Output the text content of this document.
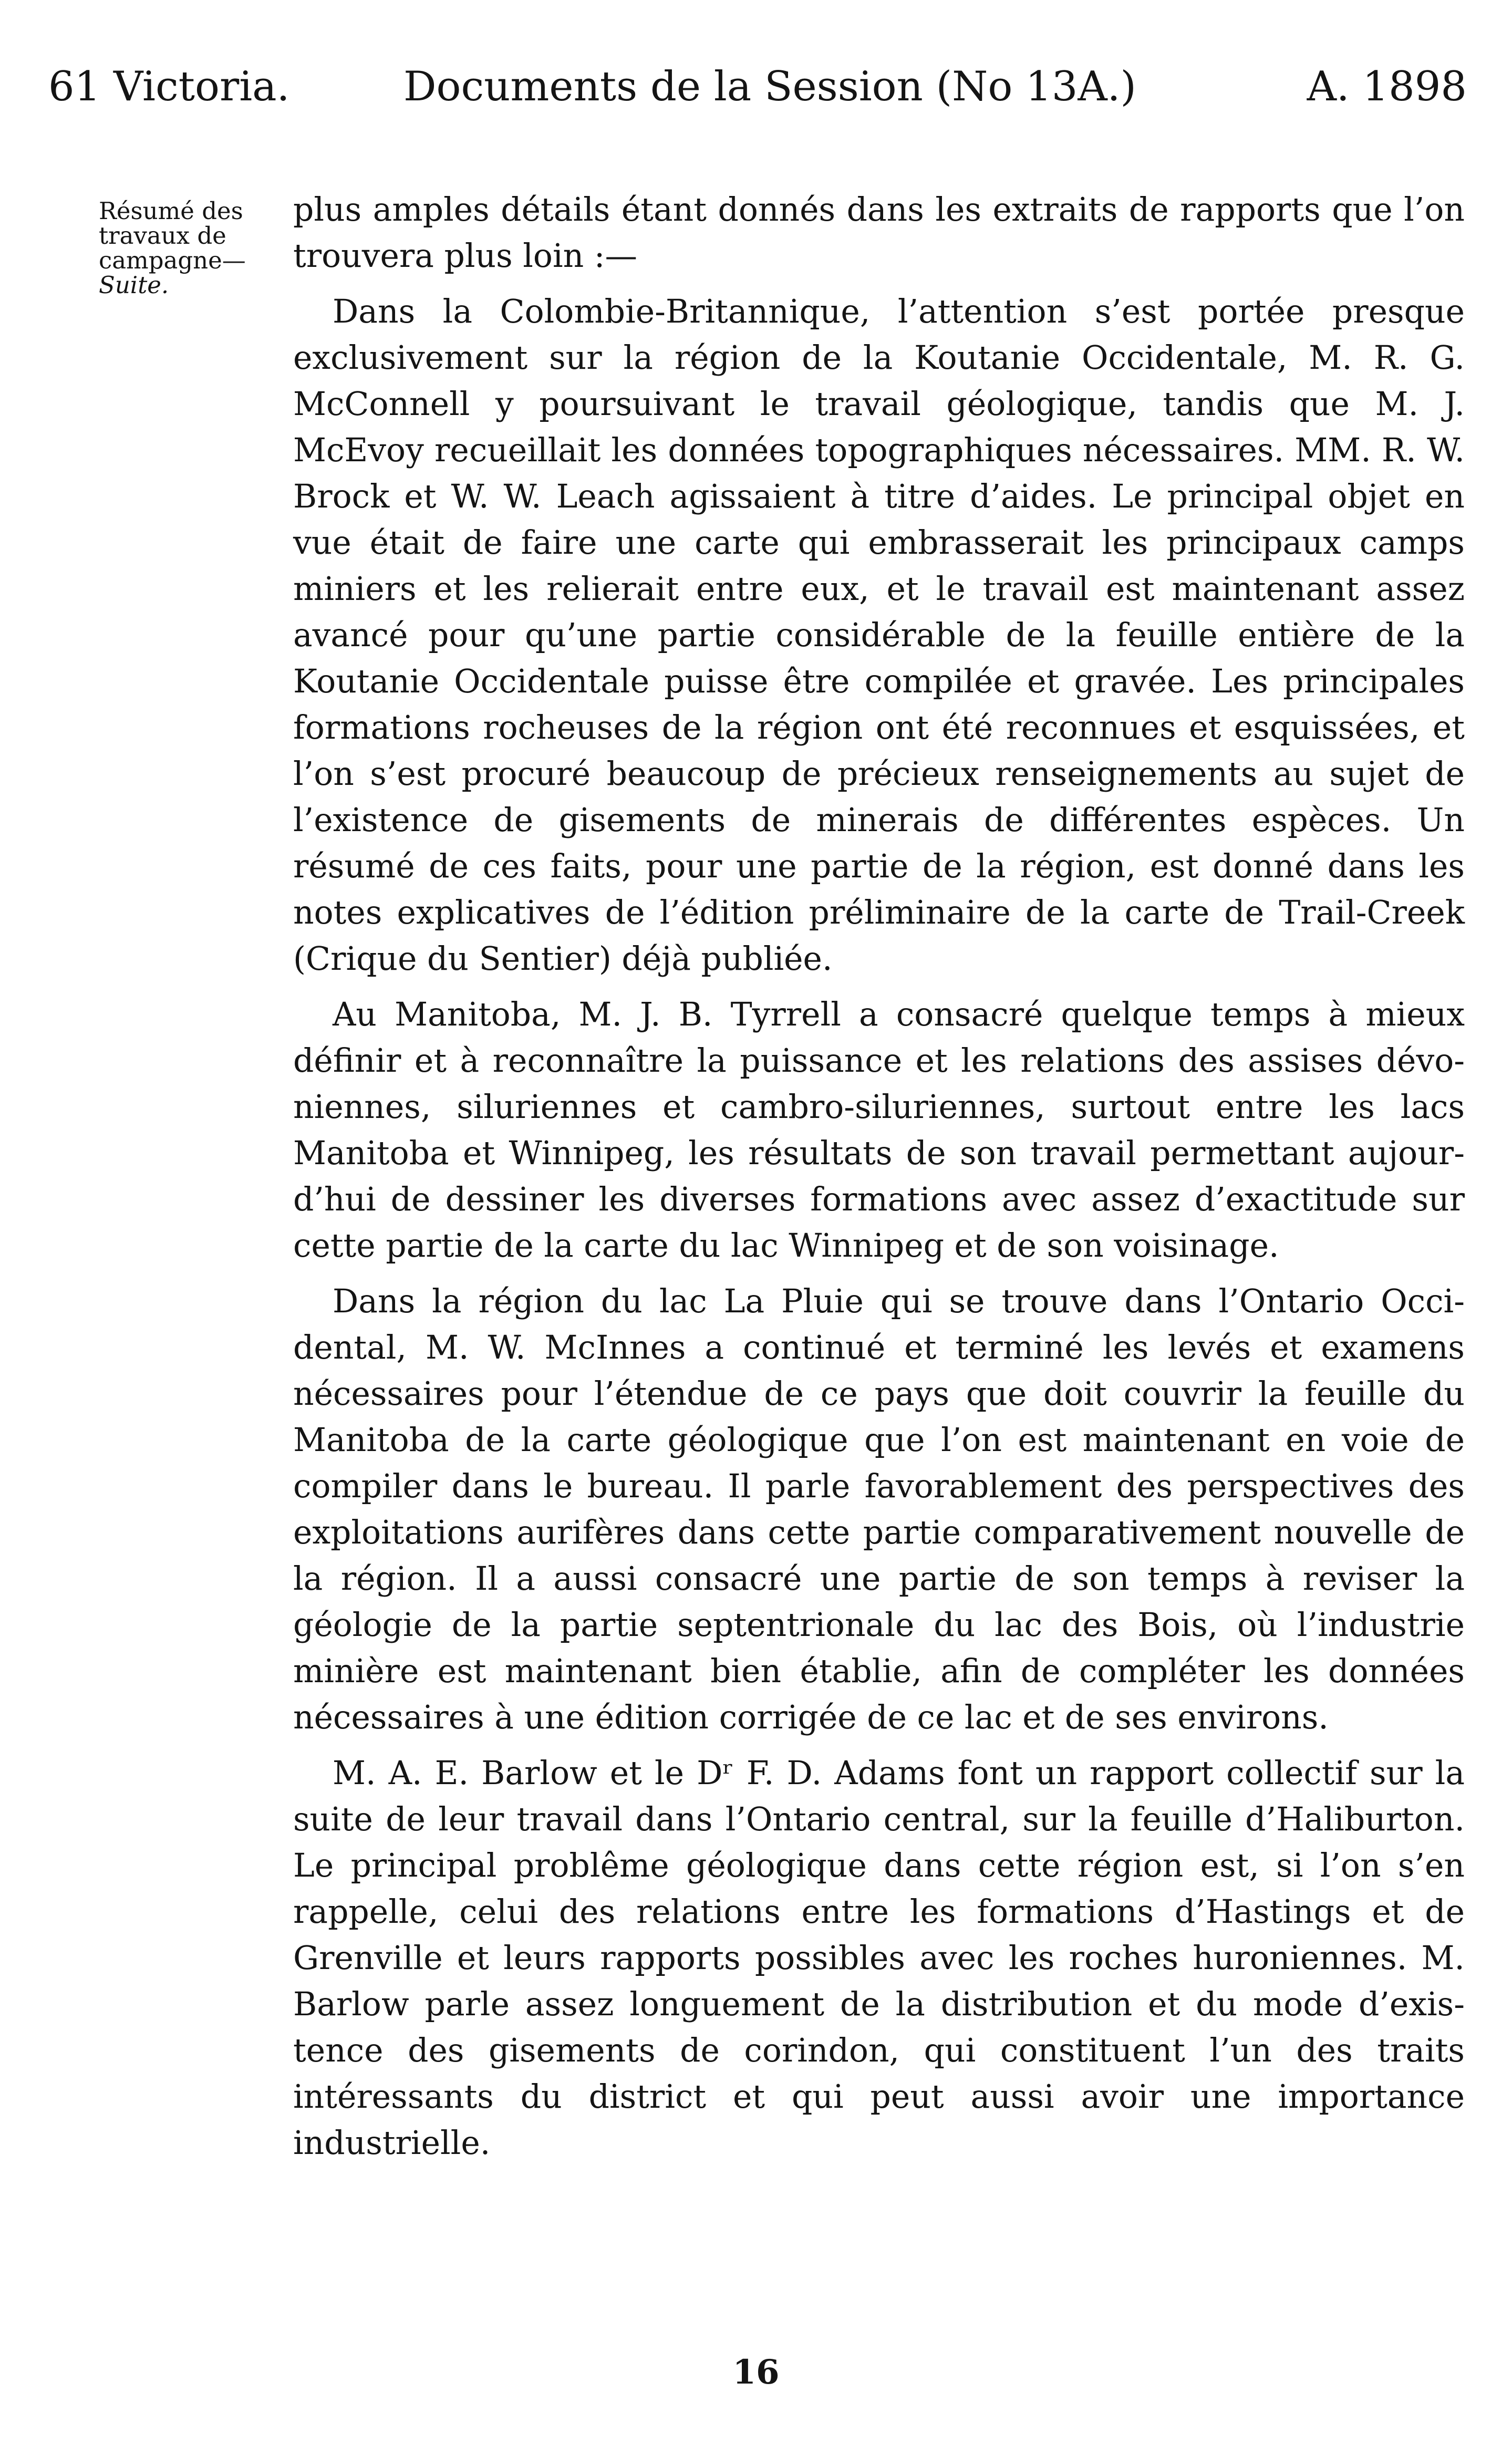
61 Victoria.	Documents de la Session (No 13A.)	A. 1898
Résumé des
travaux de
campagne—
Suite.

plus amples détails étant donnés dans les extraits de rapports que l’on trouvera plus loin :—

Dans la Colombie-Britannique, l’attention s’est portée presque exclusivement sur la région de la Koutanie Occidentale, M. R. G. McConnell y poursuivant le travail géologique, tandis que M. J. McEvoy recueillait les données topographiques nécessaires. MM. R. W. Brock et W. W. Leach agissaient à titre d’aides. Le principal objet en vue était de faire une carte qui embrasserait les principaux camps miniers et les relierait entre eux, et le travail est maintenant assez avancé pour qu’une partie considérable de la feuille entière de la Koutanie Occidentale puisse être compilée et gravée. Les principales formations rocheuses de la région ont été reconnues et esquissées, et l’on s’est procuré beaucoup de précieux renseignements au sujet de l’existence de gisements de minerais de différentes espèces. Un résumé de ces faits, pour une partie de la région, est donné dans les notes explicatives de l’édition préliminaire de la carte de Trail-Creek (Crique du Sentier) déjà publiée.

Au Manitoba, M. J. B. Tyrrell a consacré quelque temps à mieux définir et à reconnaître la puissance et les relations des assises dévoniennes, siluriennes et cambro-siluriennes, surtout entre les lacs Manitoba et Winnipeg, les résultats de son travail permettant aujourd’hui de dessiner les diverses formations avec assez d’exactitude sur cette partie de la carte du lac Winnipeg et de son voisinage.

Dans la région du lac La Pluie qui se trouve dans l’Ontario Occidental, M. W. McInnes a continué et terminé les levés et examens nécessaires pour l’étendue de ce pays que doit couvrir la feuille du Manitoba de la carte géologique que l’on est maintenant en voie de compiler dans le bureau. Il parle favorablement des perspectives des exploitations aurifères dans cette partie comparativement nouvelle de la région. Il a aussi consacré une partie de son temps à reviser la géologie de la partie septentrionale du lac des Bois, où l’industrie minière est maintenant bien établie, afin de compléter les données nécessaires à une édition corrigée de ce lac et de ses environs.

M. A. E. Barlow et le Dʳ F. D. Adams font un rapport collectif sur la suite de leur travail dans l’Ontario central, sur la feuille d’Haliburton. Le principal problême géologique dans cette région est, si l’on s’en rappelle, celui des relations entre les formations d’Hastings et de Grenville et leurs rapports possibles avec les roches huroniennes. M. Barlow parle assez longuement de la distribution et du mode d’existence des gisements de corindon, qui constituent l’un des traits intéressants du district et qui peut aussi avoir une importance industrielle.

16
